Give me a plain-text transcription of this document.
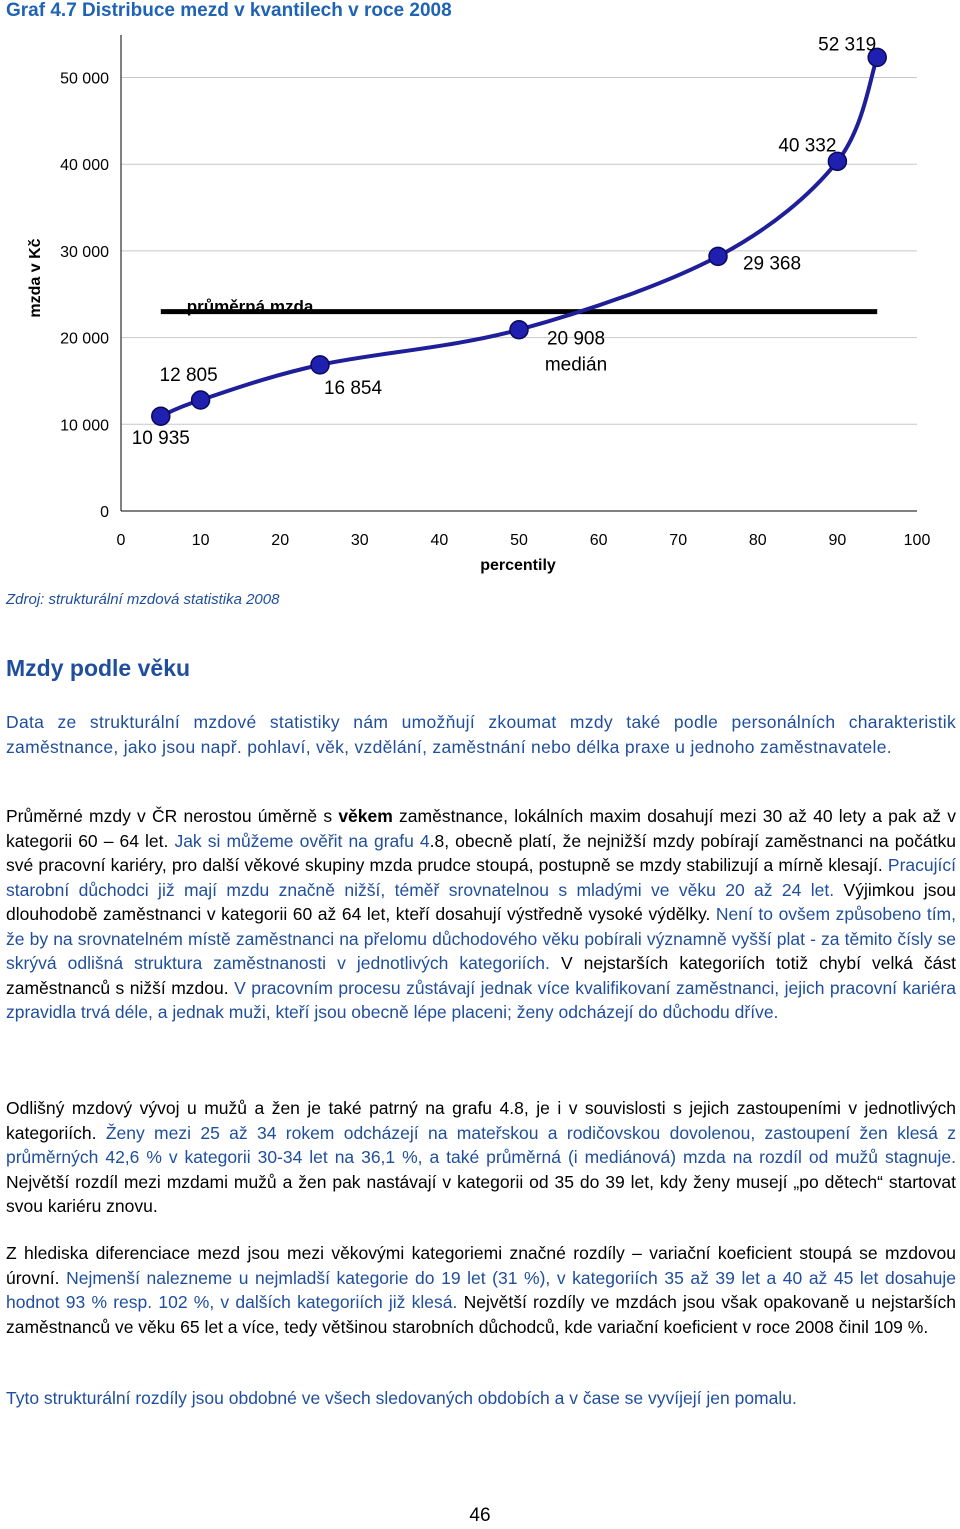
Graf 4.7 Distribuce mezd v kvantilech v roce 2008
0
10 000
20 000
30 000
40 000
50 000
0	10	20	30	40	50	60	70	80	90	100
percentily
mzda v Kč	průměrná mzda
10 935
12 805
16 854
20 908
medián
29 368
40 332
52 319
Zdroj: strukturální mzdová statistika 2008
Mzdy podle věku

Data ze strukturální mzdové statistiky nám umožňují zkoumat mzdy také podle personálních charakteristik zaměstnance, jako jsou např. pohlaví, věk, vzdělání, zaměstnání nebo délka praxe u jednoho zaměstnavatele.

Průměrné mzdy v ČR nerostou úměrně s věkem zaměstnance, lokálních maxim dosahují mezi 30 až 40 lety a pak až v kategorii 60 – 64 let. Jak si můžeme ověřit na grafu 4.8, obecně platí, že nejnižší mzdy pobírají zaměstnanci na počátku své pracovní kariéry, pro další věkové skupiny mzda prudce stoupá, postupně se mzdy stabilizují a mírně klesají. Pracující starobní důchodci již mají mzdu značně nižší, téměř srovnatelnou s mladými ve věku 20 až 24 let. Výjimkou jsou dlouhodobě zaměstnanci v kategorii 60 až 64 let, kteří dosahují výstředně vysoké výdělky. Není to ovšem způsobeno tím, že by na srovnatelném místě zaměstnanci na přelomu důchodového věku pobírali významně vyšší plat - za těmito čísly se skrývá odlišná struktura zaměstnanosti v jednotlivých kategoriích. V nejstarších kategoriích totiž chybí velká část zaměstnanců s nižší mzdou. V pracovním procesu zůstávají jednak více kvalifikovaní zaměstnanci, jejich pracovní kariéra zpravidla trvá déle, a jednak muži, kteří jsou obecně lépe placeni; ženy odcházejí do důchodu dříve.

Odlišný mzdový vývoj u mužů a žen je také patrný na grafu 4.8, je i v souvislosti s jejich zastoupeními v jednotlivých kategoriích. Ženy mezi 25 až 34 rokem odcházejí na mateřskou a rodičovskou dovolenou, zastoupení žen klesá z průměrných 42,6 % v kategorii 30-34 let na 36,1 %, a také průměrná (i mediánová) mzda na rozdíl od mužů stagnuje. Největší rozdíl mezi mzdami mužů a žen pak nastávají v kategorii od 35 do 39 let, kdy ženy musejí „po dětech“ startovat svou kariéru znovu.

Z hlediska diferenciace mezd jsou mezi věkovými kategoriemi značné rozdíly – variační koeficient stoupá se mzdovou úrovní. Nejmenší nalezneme u nejmladší kategorie do 19 let (31 %), v kategoriích 35 až 39 let a 40 až 45 let dosahuje hodnot 93 % resp. 102 %, v dalších kategoriích již klesá. Největší rozdíly ve mzdách jsou však opakovaně u nejstarších zaměstnanců ve věku 65 let a více, tedy většinou starobních důchodců, kde variační koeficient v roce 2008 činil 109 %.

Tyto strukturální rozdíly jsou obdobné ve všech sledovaných obdobích a v čase se vyvíjejí jen pomalu.

46
